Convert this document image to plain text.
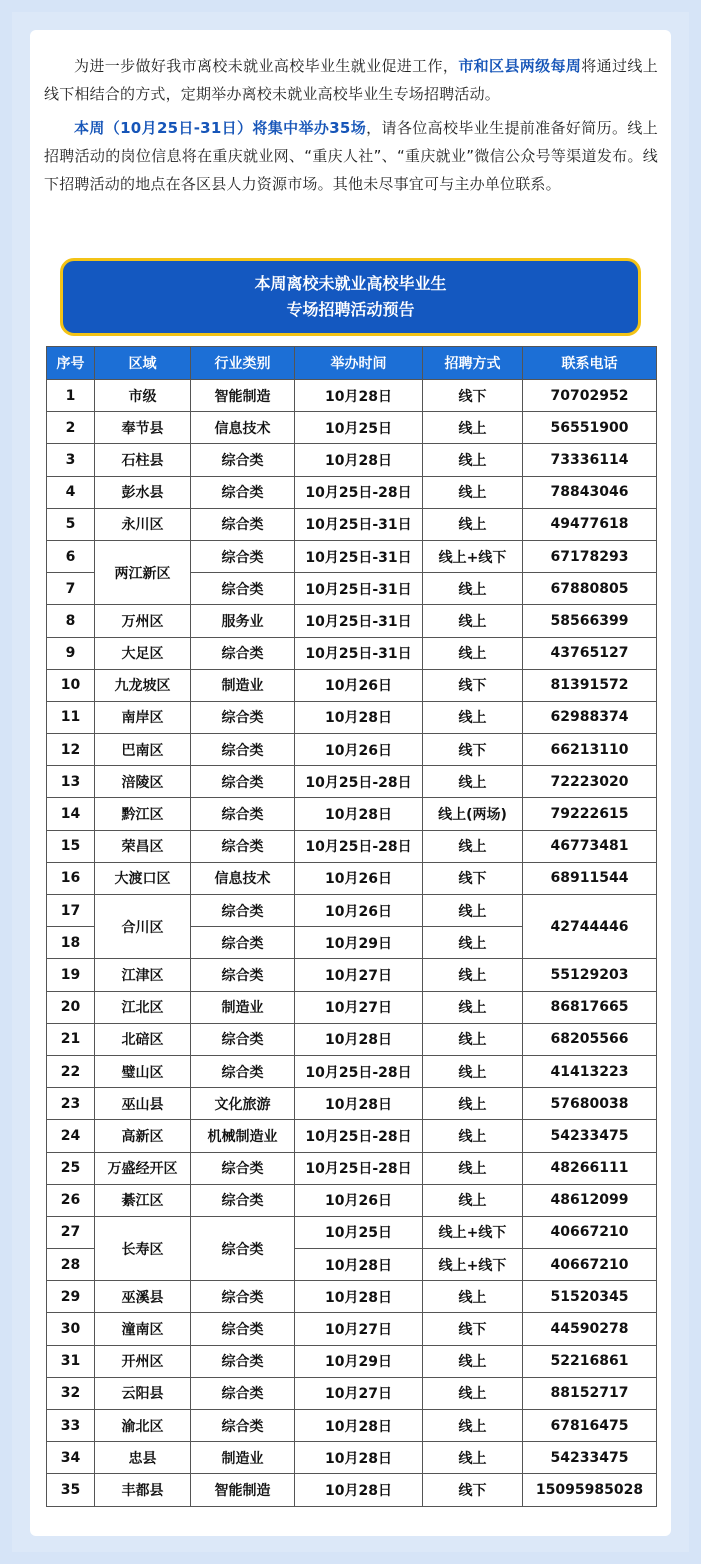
为进一步做好我市离校未就业高校毕业生就业促进工作，市和区县两级每周将通过线上线下相结合的方式，定期举办离校未就业高校毕业生专场招聘活动。

本周（10月25日-31日）将集中举办35场，请各位高校毕业生提前准备好简历。线上招聘活动的岗位信息将在重庆就业网、“重庆人社”、“重庆就业”微信公众号等渠道发布。线下招聘活动的地点在各区县人力资源市场。其他未尽事宜可与主办单位联系。

本周离校未就业高校毕业生
专场招聘活动预告
序号	区域	行业类别	举办时间	招聘方式	联系电话
1	市级	智能制造	10月28日	线下	70702952
2	奉节县	信息技术	10月25日	线上	56551900
3	石柱县	综合类	10月28日	线上	73336114
4	彭水县	综合类	10月25日-28日	线上	78843046
5	永川区	综合类	10月25日-31日	线上	49477618
6	两江新区	综合类	10月25日-31日	线上+线下	67178293
7		综合类	10月25日-31日	线上	67880805
8	万州区	服务业	10月25日-31日	线上	58566399
9	大足区	综合类	10月25日-31日	线上	43765127
10	九龙坡区	制造业	10月26日	线下	81391572
11	南岸区	综合类	10月28日	线上	62988374
12	巴南区	综合类	10月26日	线下	66213110
13	涪陵区	综合类	10月25日-28日	线上	72223020
14	黔江区	综合类	10月28日	线上(两场)	79222615
15	荣昌区	综合类	10月25日-28日	线上	46773481
16	大渡口区	信息技术	10月26日	线下	68911544
17	合川区	综合类	10月26日	线上	42744446
18		综合类	10月29日	线上	
19	江津区	综合类	10月27日	线上	55129203
20	江北区	制造业	10月27日	线上	86817665
21	北碚区	综合类	10月28日	线上	68205566
22	璧山区	综合类	10月25日-28日	线上	41413223
23	巫山县	文化旅游	10月28日	线上	57680038
24	高新区	机械制造业	10月25日-28日	线上	54233475
25	万盛经开区	综合类	10月25日-28日	线上	48266111
26	綦江区	综合类	10月26日	线上	48612099
27	长寿区	综合类	10月25日	线上+线下	40667210
28			10月28日	线上+线下	40667210
29	巫溪县	综合类	10月28日	线上	51520345
30	潼南区	综合类	10月27日	线下	44590278
31	开州区	综合类	10月29日	线上	52216861
32	云阳县	综合类	10月27日	线上	88152717
33	渝北区	综合类	10月28日	线上	67816475
34	忠县	制造业	10月28日	线上	54233475
35	丰都县	智能制造	10月28日	线下	15095985028
